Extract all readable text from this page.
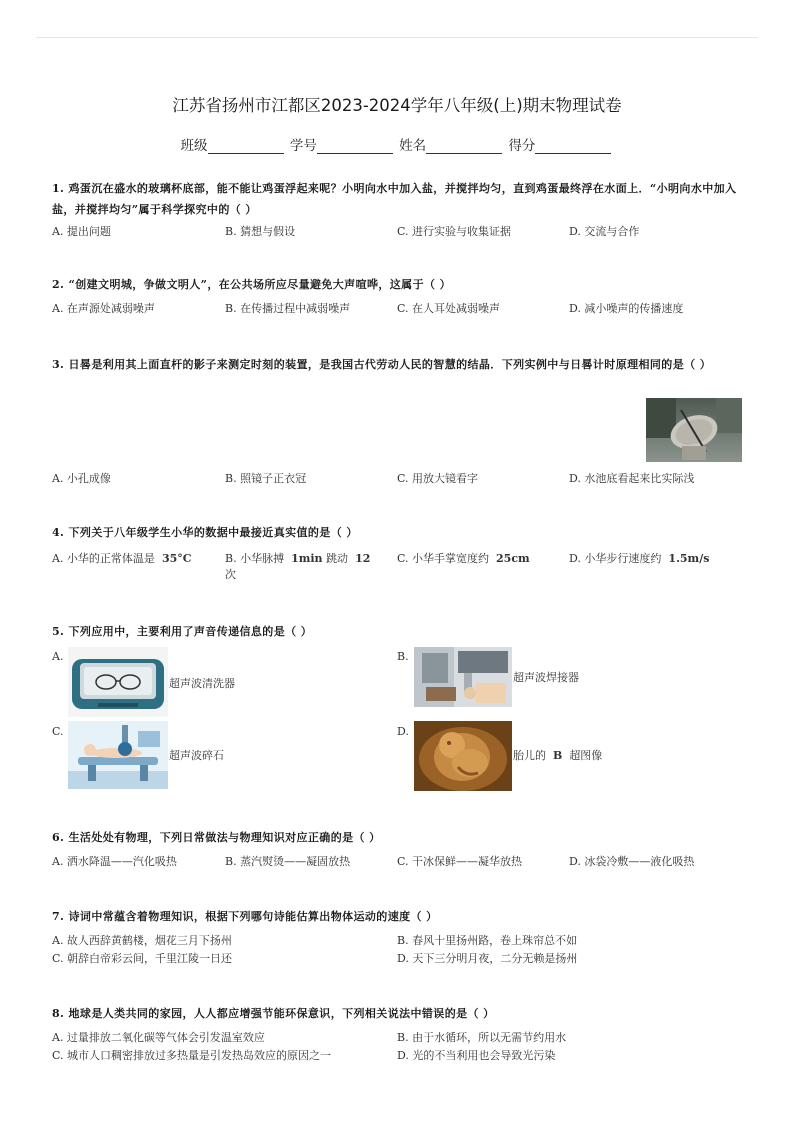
江苏省扬州市江都区2023-2024学年八年级(上)期末物理试卷
班级	学号	姓名	得分
1. 鸡蛋沉在盛水的玻璃杯底部，能不能让鸡蛋浮起来呢？小明向水中加入盐，并搅拌均匀，直到鸡蛋最终浮在水面上．“小明向水中加入盐，并搅拌均匀”属于科学探究中的（ ）
A. 提出问题	B. 猜想与假设	C. 进行实验与收集证据	D. 交流与合作
2. “创建文明城，争做文明人”，在公共场所应尽量避免大声喧哗，这属于（ ）
A. 在声源处减弱噪声	B. 在传播过程中减弱噪声	C. 在人耳处减弱噪声	D. 减小噪声的传播速度
3. 日晷是利用其上面直杆的影子来测定时刻的装置，是我国古代劳动人民的智慧的结晶．下列实例中与日晷计时原理相同的是（ ）
A. 小孔成像	B. 照镜子正衣冠	C. 用放大镜看字	D. 水池底看起来比实际浅
4. 下列关于八年级学生小华的数据中最接近真实值的是（ ）
A. 小华的正常体温是 35°C	B. 小华脉搏 1min 跳动 12
次
C. 小华手掌宽度约 25cm	D. 小华步行速度约 1.5m/s
5. 下列应用中，主要利用了声音传递信息的是（ ）
A.
超声波清洗器
B.
超声波焊接器
C.
超声波碎石
D.
胎儿的 B 超图像
6. 生活处处有物理，下列日常做法与物理知识对应正确的是（ ）
A. 洒水降温——汽化吸热	B. 蒸汽熨烫——凝固放热	C. 干冰保鲜——凝华放热	D. 冰袋冷敷——液化吸热
7. 诗词中常蕴含着物理知识，根据下列哪句诗能估算出物体运动的速度（ ）
A. 故人西辞黄鹤楼，烟花三月下扬州	B. 春风十里扬州路，卷上珠帘总不如
C. 朝辞白帝彩云间，千里江陵一日还	D. 天下三分明月夜，二分无赖是扬州
8. 地球是人类共同的家园，人人都应增强节能环保意识，下列相关说法中错误的是（ ）
A. 过量排放二氧化碳等气体会引发温室效应	B. 由于水循环，所以无需节约用水
C. 城市人口稠密排放过多热量是引发热岛效应的原因之一	D. 光的不当利用也会导致光污染
